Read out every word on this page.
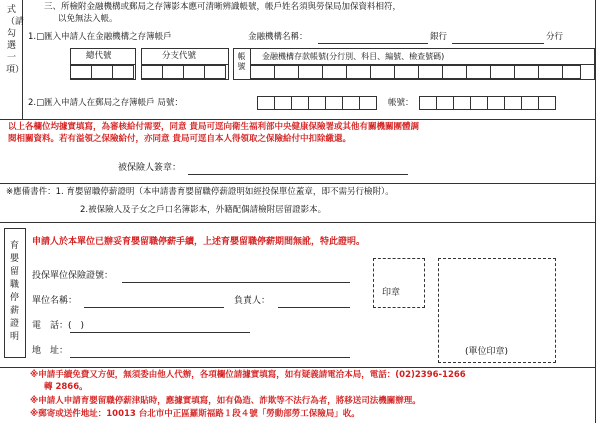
式（請勾選一項）
三、所檢附金融機構或郵局之存簿影本應可清晰辨識帳號，帳戶姓名須與勞保局加保資料相符，
以免無法入帳。
1.□匯入申請人在金融機構之存簿帳戶	金融機構名稱：	銀行	分行
總代號	分支代號	帳號
金融機構存款帳號(分行別、科目、編號、檢查號碼)
2.□匯入申請人在郵局之存簿帳戶 局號：	帳號：
以上各欄位均據實填寫，為審核給付需要，同意 貴局可逕向衛生福利部中央健康保險署或其他有關機關團體調
閱相關資料。若有溢領之保險給付，亦同意 貴局可逕自本人得領取之保險給付中扣除繳還。
被保險人簽章：
※應備書件：1. 育嬰留職停薪證明（本申請書育嬰留職停薪證明如經投保單位蓋章，即不需另行檢附）。
2.被保險人及子女之戶口名簿影本，外籍配偶請檢附居留證影本。
育嬰留職停薪證明
申請人於本單位已辦妥育嬰留職停薪手續，上述育嬰留職停薪期間無訛，特此證明。
投保單位保險證號：
單位名稱：	負責人：
電　話：(　)
地　址：
印章
(單位印章)
※申請手續免費又方便，無須委由他人代辦，各項欄位請據實填寫，如有疑義請電洽本局，電話：(02)2396-1266
轉 2866。
※申請人申請育嬰留職停薪津貼時，應據實填寫，如有偽造、詐欺等不法行為者，將移送司法機關辦理。
※郵寄或送件地址：10013 台北市中正區羅斯福路１段４號「勞動部勞工保險局」收。
